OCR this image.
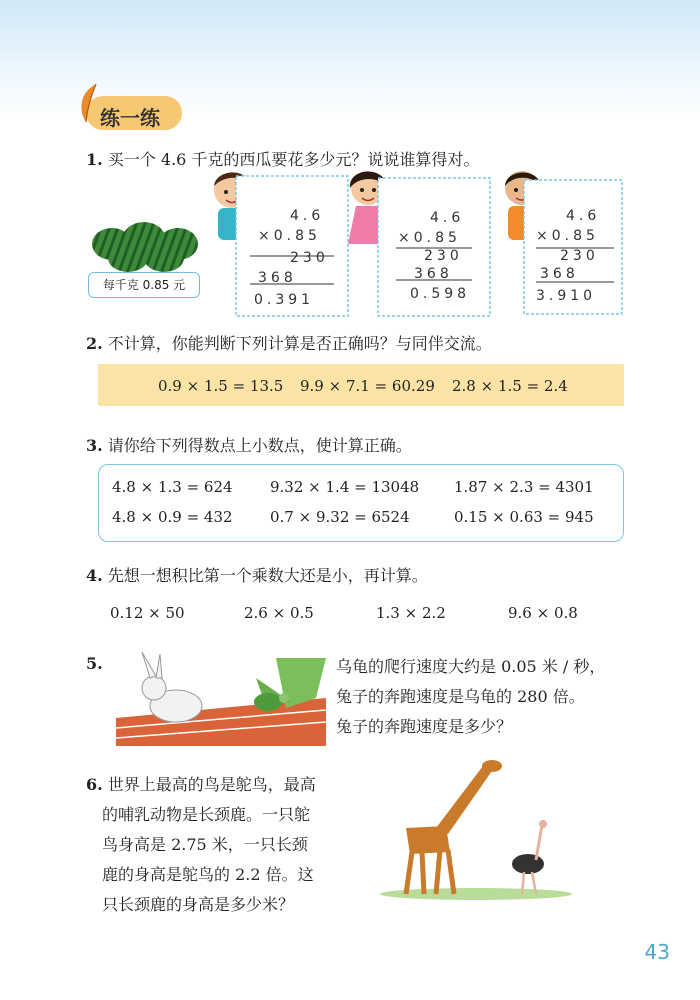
练一练
1. 买一个 4.6 千克的西瓜要花多少元？说说谁算得对。
每千克 0.85 元
4.6
×0.85
230
368
0.391
4.6
×0.85
230
368
0.598
4.6
×0.85
230
368
3.910
2. 不计算，你能判断下列计算是否正确吗？与同伴交流。
0.9 × 1.5 = 13.5 9.9 × 7.1 = 60.29 2.8 × 1.5 = 2.4
3. 请你给下列得数点上小数点，使计算正确。
4.8 × 1.3 = 624 9.32 × 1.4 = 13048 1.87 × 2.3 = 4301
4.8 × 0.9 = 432 0.7 × 9.32 = 6524	0.15 × 0.63 = 945
4. 先想一想积比第一个乘数大还是小，再计算。
0.12 × 50	2.6 × 0.5	1.3 × 2.2	9.6 × 0.8
5.	乌龟的爬行速度大约是 0.05 米 / 秒，
兔子的奔跑速度是乌龟的 280 倍。
兔子的奔跑速度是多少？
6. 世界上最高的鸟是鸵鸟，最高
的哺乳动物是长颈鹿。一只鸵
鸟身高是 2.75 米，一只长颈
鹿的身高是鸵鸟的 2.2 倍。这
只长颈鹿的身高是多少米？
43
